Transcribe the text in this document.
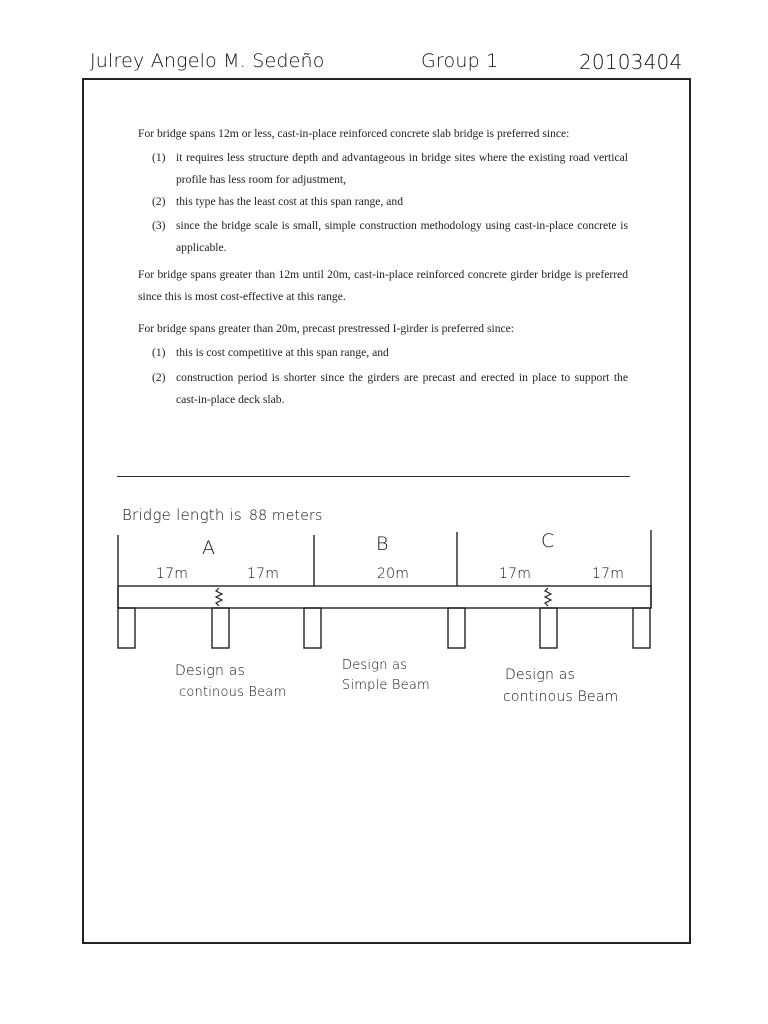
Julrey Angelo M. Sedeño	Group 1	20103404
For bridge spans 12m or less, cast-in-place reinforced concrete slab bridge is preferred since:
(1) it requires less structure depth and advantageous in bridge sites where the existing road vertical profile has less room for adjustment,
(2) this type has the least cost at this span range, and
(3) since the bridge scale is small, simple construction methodology using cast-in-place concrete is applicable.
For bridge spans greater than 12m until 20m, cast-in-place reinforced concrete girder bridge is preferred since this is most cost-effective at this range.
For bridge spans greater than 20m, precast prestressed I-girder is preferred since:
(1) this is cost competitive at this span range, and
(2) construction period is shorter since the girders are precast and erected in place to support the cast-in-place deck slab.
Bridge length is 88 meters
A	B	C
17m	17m	20m	17m	17m
Design as
continous Beam
Design as
Simple Beam
Design as
continous Beam
